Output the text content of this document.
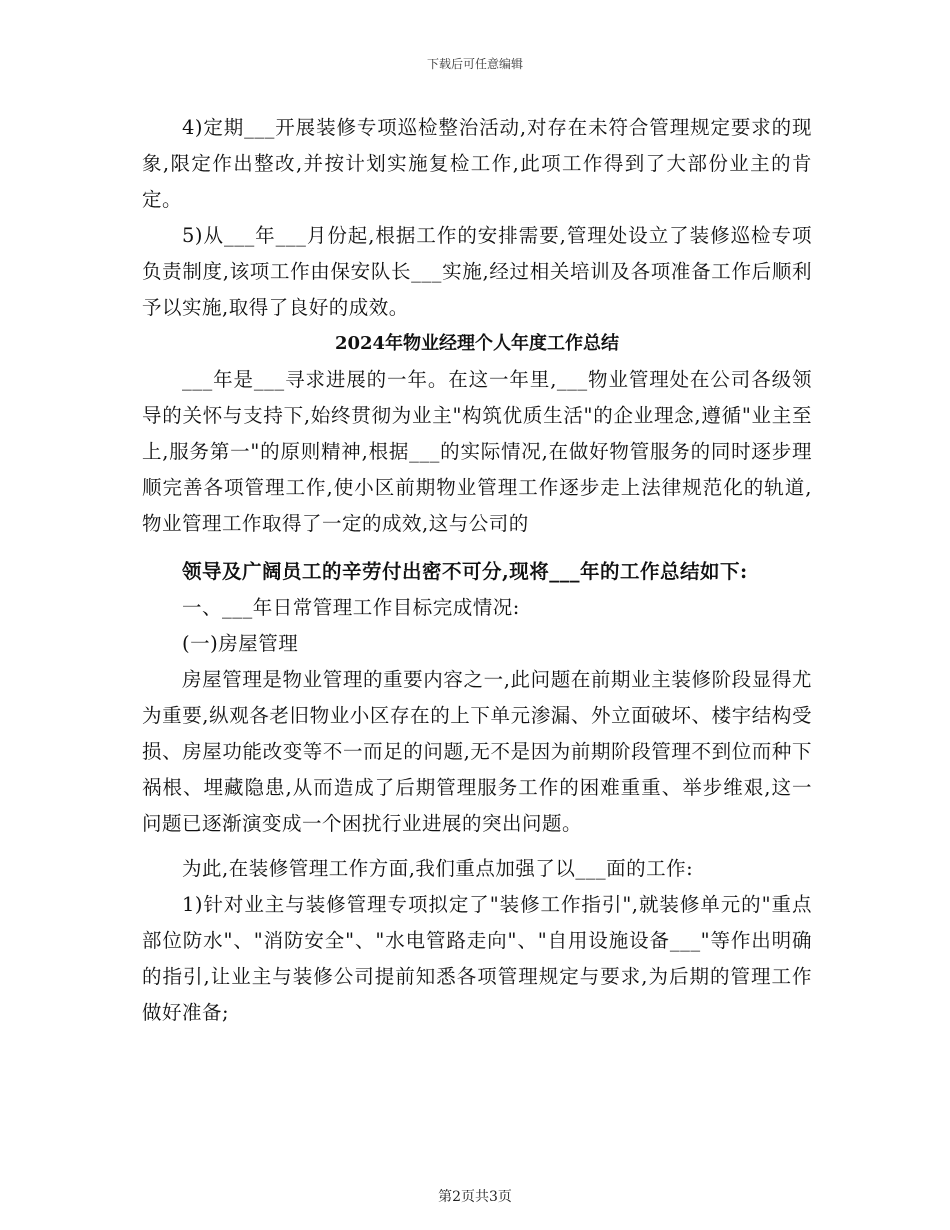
下载后可任意编辑

4)定期___开展装修专项巡检整治活动,对存在未符合管理规定要求的现象,限定作出整改,并按计划实施复检工作,此项工作得到了大部份业主的肯定。

5)从___年___月份起,根据工作的安排需要,管理处设立了装修巡检专项负责制度,该项工作由保安队长___实施,经过相关培训及各项准备工作后顺利予以实施,取得了良好的成效。

2024年物业经理个人年度工作总结

___年是___寻求进展的一年。在这一年里,___物业管理处在公司各级领导的关怀与支持下,始终贯彻为业主"构筑优质生活"的企业理念,遵循"业主至上,服务第一"的原则精神,根据___的实际情况,在做好物管服务的同时逐步理顺完善各项管理工作,使小区前期物业管理工作逐步走上法律规范化的轨道,物业管理工作取得了一定的成效,这与公司的

领导及广阔员工的辛劳付出密不可分,现将___年的工作总结如下:

一、___年日常管理工作目标完成情况:

(一)房屋管理

房屋管理是物业管理的重要内容之一,此问题在前期业主装修阶段显得尤为重要,纵观各老旧物业小区存在的上下单元渗漏、外立面破坏、楼宇结构受损、房屋功能改变等不一而足的问题,无不是因为前期阶段管理不到位而种下祸根、埋藏隐患,从而造成了后期管理服务工作的困难重重、举步维艰,这一问题已逐渐演变成一个困扰行业进展的突出问题。

为此,在装修管理工作方面,我们重点加强了以___面的工作:

1)针对业主与装修管理专项拟定了"装修工作指引",就装修单元的"重点部位防水"、"消防安全"、"水电管路走向"、"自用设施设备___"等作出明确的指引,让业主与装修公司提前知悉各项管理规定与要求,为后期的管理工作做好准备;

第2页共3页
